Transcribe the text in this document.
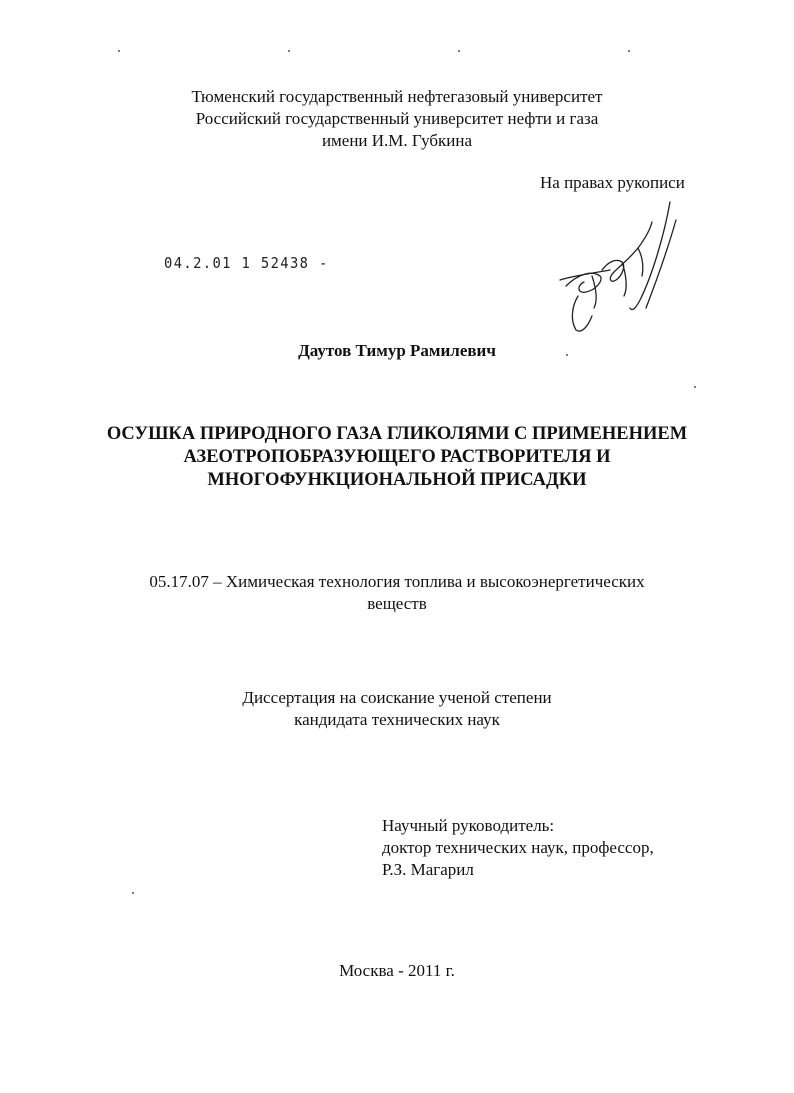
Тюменский государственный нефтегазовый университет
Российский государственный университет нефти и газа
имени И.М. Губкина
На правах рукописи
04.2.01 1 52438 -
Даутов Тимур Рамилевич
ОСУШКА ПРИРОДНОГО ГАЗА ГЛИКОЛЯМИ С ПРИМЕНЕНИЕМ
АЗЕОТРОПОБРАЗУЮЩЕГО РАСТВОРИТЕЛЯ И
МНОГОФУНКЦИОНАЛЬНОЙ ПРИСАДКИ
05.17.07 – Химическая технология топлива и высокоэнергетических
веществ
Диссертация на соискание ученой степени
кандидата технических наук
Научный руководитель:
доктор технических наук, профессор,
Р.З. Магарил
Москва - 2011 г.
